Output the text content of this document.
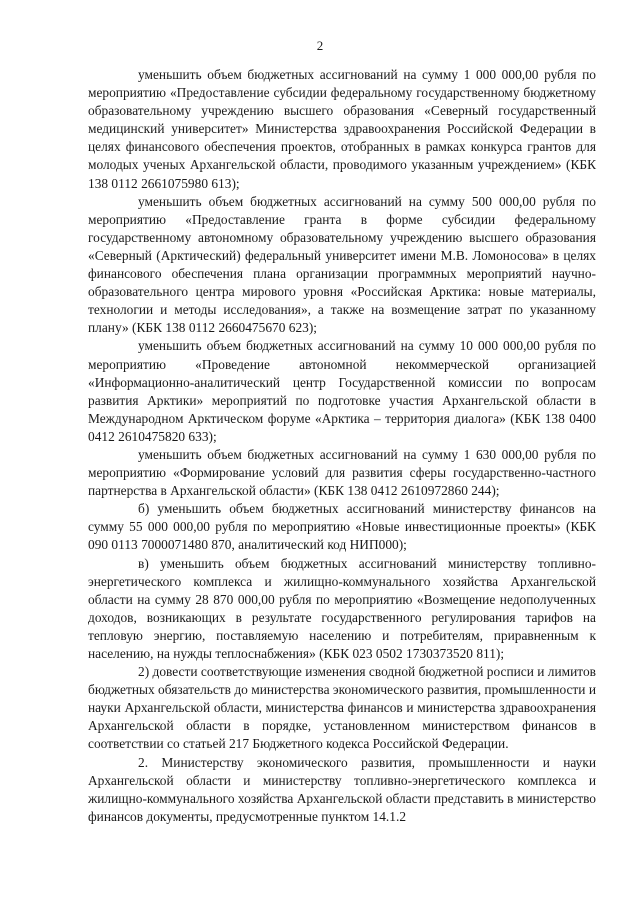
2

уменьшить объем бюджетных ассигнований на сумму 1 000 000,00 рубля по мероприятию «Предоставление субсидии федеральному государственному бюджетному образовательному учреждению высшего образования «Северный государственный медицинский университет» Министерства здравоохранения Российской Федерации в целях финансового обеспечения проектов, отобранных в рамках конкурса грантов для молодых ученых Архангельской области, проводимого указанным учреждением» (КБК 138 0112 2661075980 613);

уменьшить объем бюджетных ассигнований на сумму 500 000,00 рубля по мероприятию «Предоставление гранта в форме субсидии федеральному государственному автономному образовательному учреждению высшего образования «Северный (Арктический) федеральный университет имени М.В. Ломоносова» в целях финансового обеспечения плана организации программных мероприятий научно-образовательного центра мирового уровня «Российская Арктика: новые материалы, технологии и методы исследования», а также на возмещение затрат по указанному плану» (КБК 138 0112 2660475670 623);

уменьшить объем бюджетных ассигнований на сумму 10 000 000,00 рубля по мероприятию «Проведение автономной некоммерческой организацией «Информационно-аналитический центр Государственной комиссии по вопросам развития Арктики» мероприятий по подготовке участия Архангельской области в Международном Арктическом форуме «Арктика – территория диалога» (КБК 138 0400 0412 2610475820 633);

уменьшить объем бюджетных ассигнований на сумму 1 630 000,00 рубля по мероприятию «Формирование условий для развития сферы государственно-частного партнерства в Архангельской области» (КБК 138 0412 2610972860 244);

б) уменьшить объем бюджетных ассигнований министерству финансов на сумму 55 000 000,00 рубля по мероприятию «Новые инвестиционные проекты» (КБК 090 0113 7000071480 870, аналитический код НИП000);

в) уменьшить объем бюджетных ассигнований министерству топливно-энергетического комплекса и жилищно-коммунального хозяйства Архангельской области на сумму 28 870 000,00 рубля по мероприятию «Возмещение недополученных доходов, возникающих в результате государственного регулирования тарифов на тепловую энергию, поставляемую населению и потребителям, приравненным к населению, на нужды теплоснабжения» (КБК 023 0502 1730373520 811);

2) довести соответствующие изменения сводной бюджетной росписи и лимитов бюджетных обязательств до министерства экономического развития, промышленности и науки Архангельской области, министерства финансов и министерства здравоохранения Архангельской области в порядке, установленном министерством финансов в соответствии со статьей 217 Бюджетного кодекса Российской Федерации.

2. Министерству экономического развития, промышленности и науки Архангельской области и министерству топливно-энергетического комплекса и жилищно-коммунального хозяйства Архангельской области представить в министерство финансов документы, предусмотренные пунктом 14.1.2
